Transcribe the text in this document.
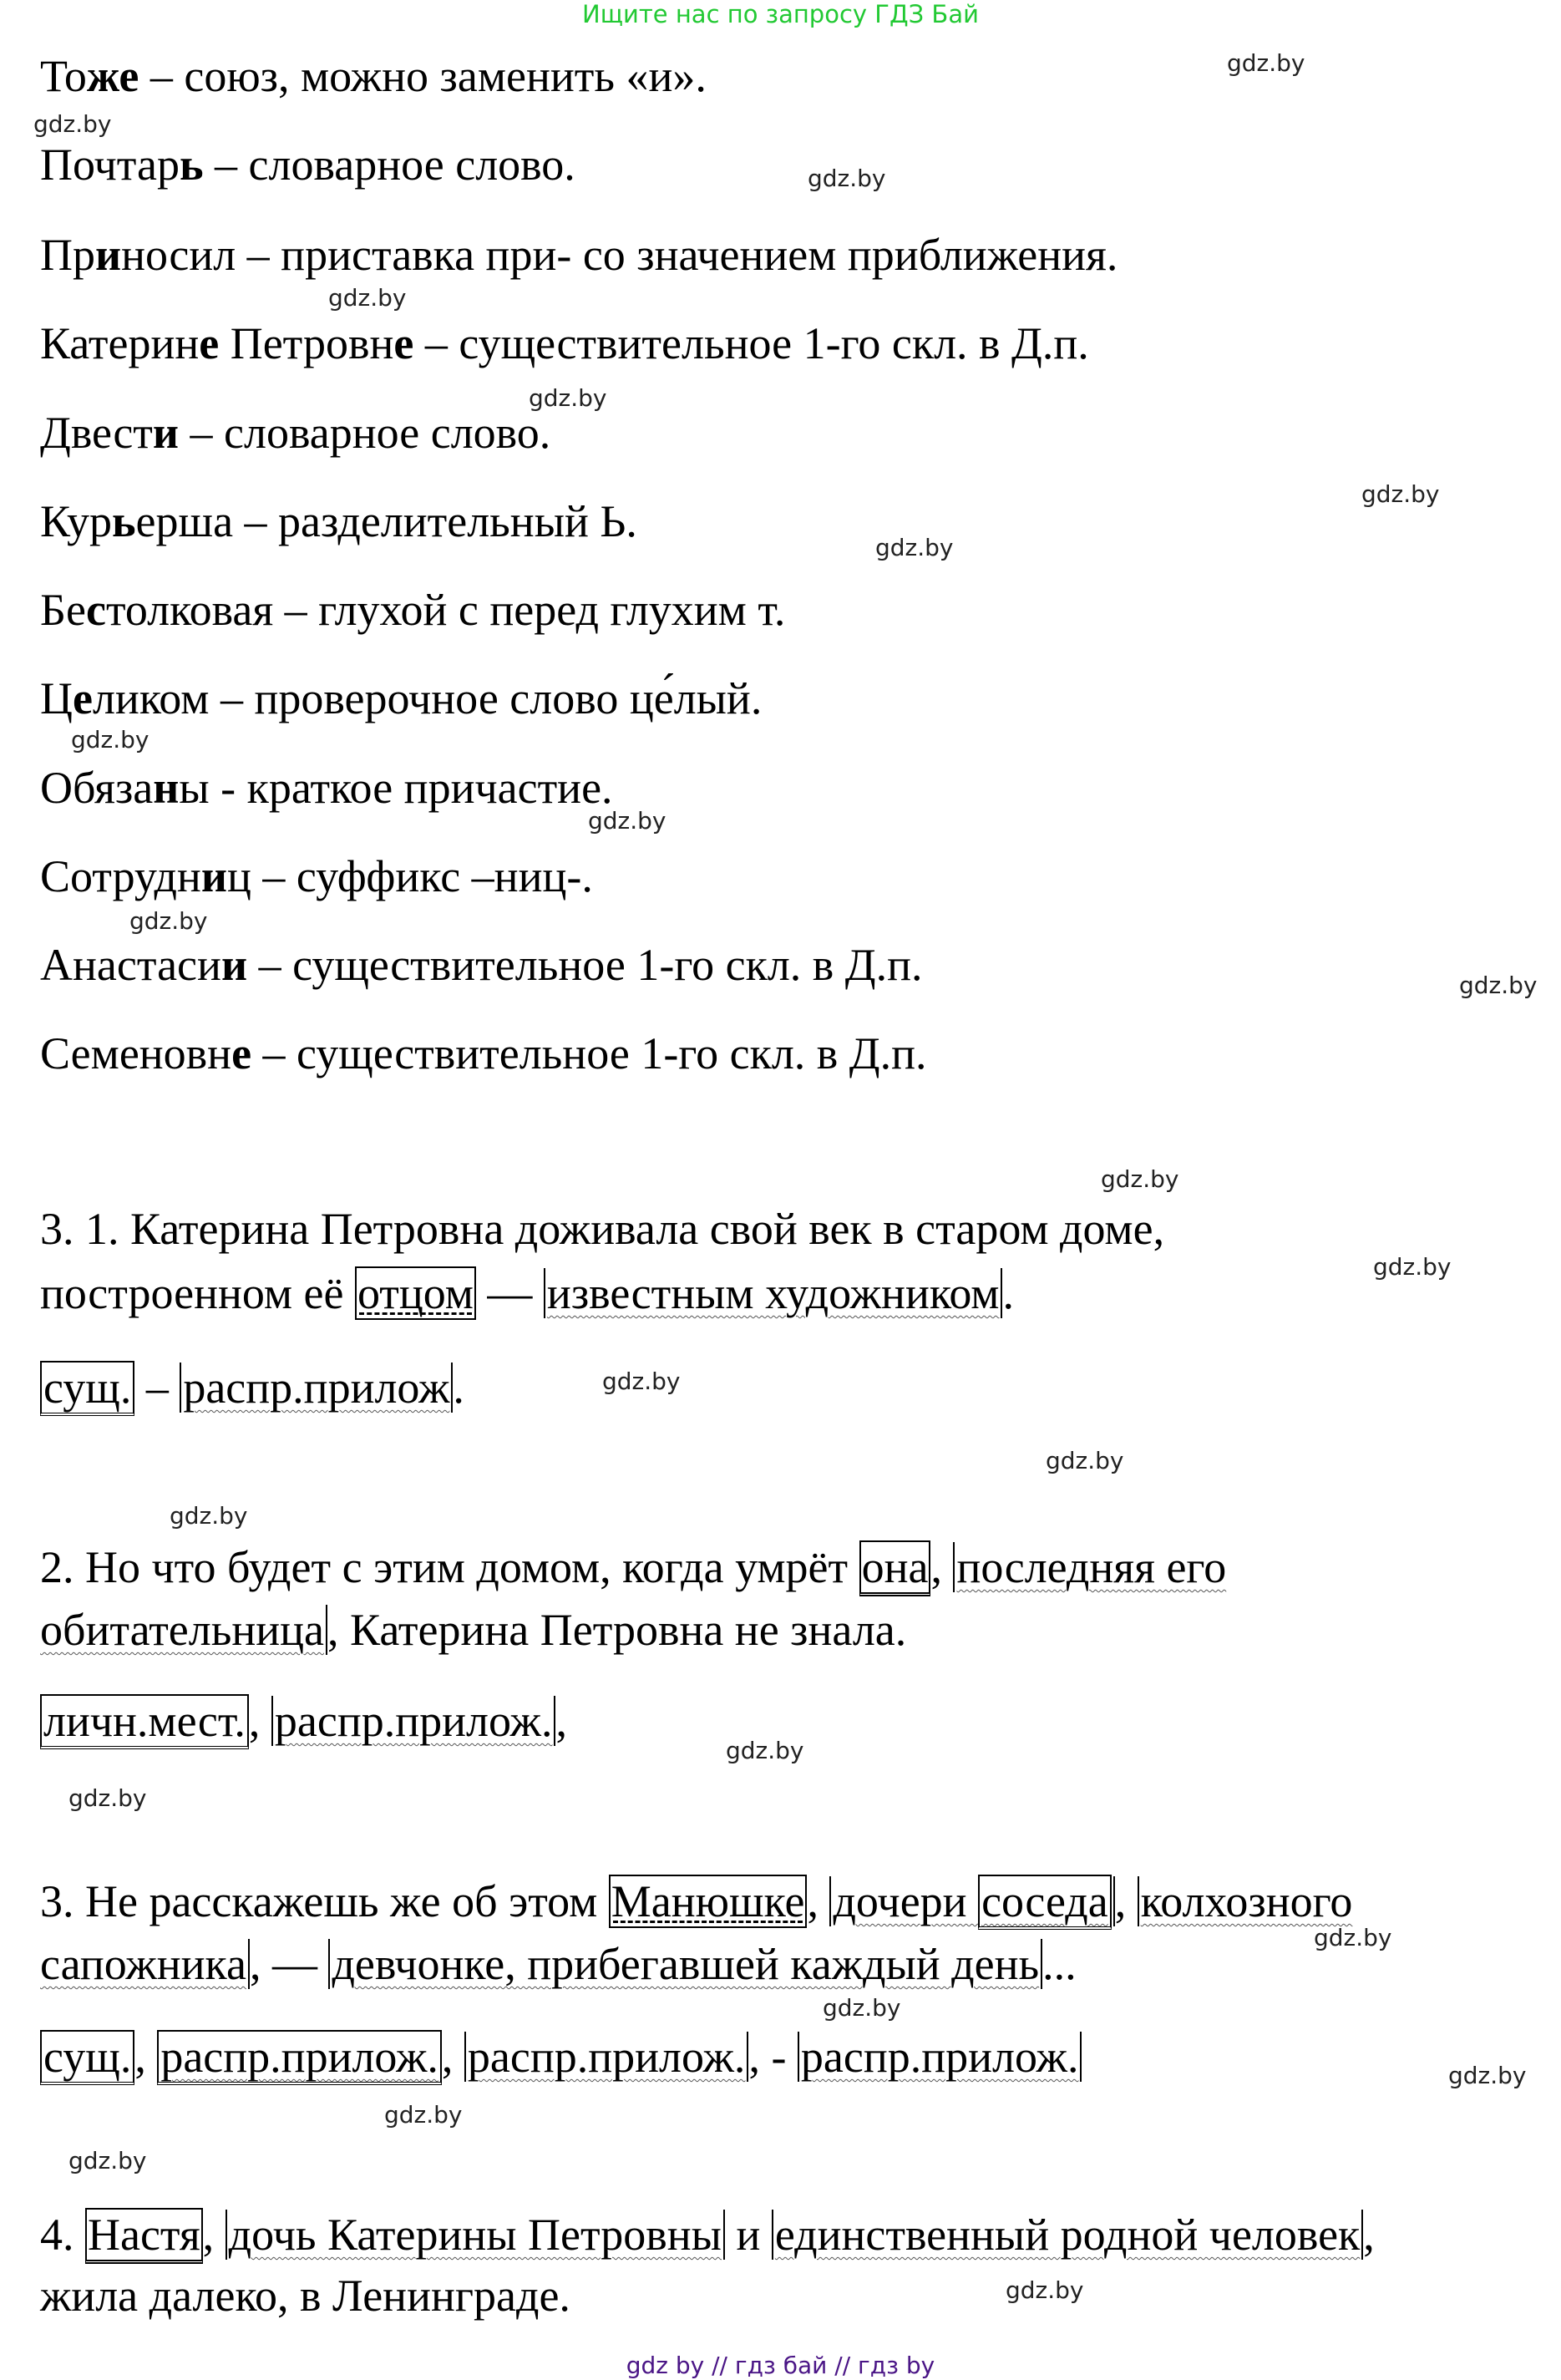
Ищите нас по запросу ГДЗ Бай
Тоже – союз, можно заменить «и».
Почтарь – словарное слово.
Приносил – приставка при- со значением приближения.
Катерине Петровне – существительное 1-го скл. в Д.п.
Двести – словарное слово.
Курьерша – разделительный Ь.
Бестолковая – глухой с перед глухим т.
Целиком – проверочное слово це́лый.
Обязаны - краткое причастие.
Сотрудниц – суффикс –ниц-.
Анастасии – существительное 1-го скл. в Д.п.
Семеновне – существительное 1-го скл. в Д.п.
3. 1. Катерина Петровна доживала свой век в старом доме,
построенном её отцом — известным художником.
сущ. – распр.прилож.
2. Но что будет с этим домом, когда умрёт она, последняя его
обитательница, Катерина Петровна не знала.
личн.мест., распр.прилож.,
3. Не расскажешь же об этом Манюшке, дочери соседа , колхозного
сапожника, — девчонке, прибегавшей каждый день...
сущ., распр.прилож., распр.прилож., - распр.прилож.
4. Настя, дочь Катерины Петровны и единственный родной человек,
жила далеко, в Ленинграде.
gdz.by
gdz.by
gdz.by
gdz.by
gdz.by
gdz.by
gdz.by
gdz.by
gdz.by
gdz.by
gdz.by
gdz.by
gdz.by
gdz.by
gdz.by
gdz.by
gdz.by
gdz.by
gdz.by
gdz.by
gdz.by
gdz.by
gdz.by
gdz.by
gdz by // гдз бай // гдз by
